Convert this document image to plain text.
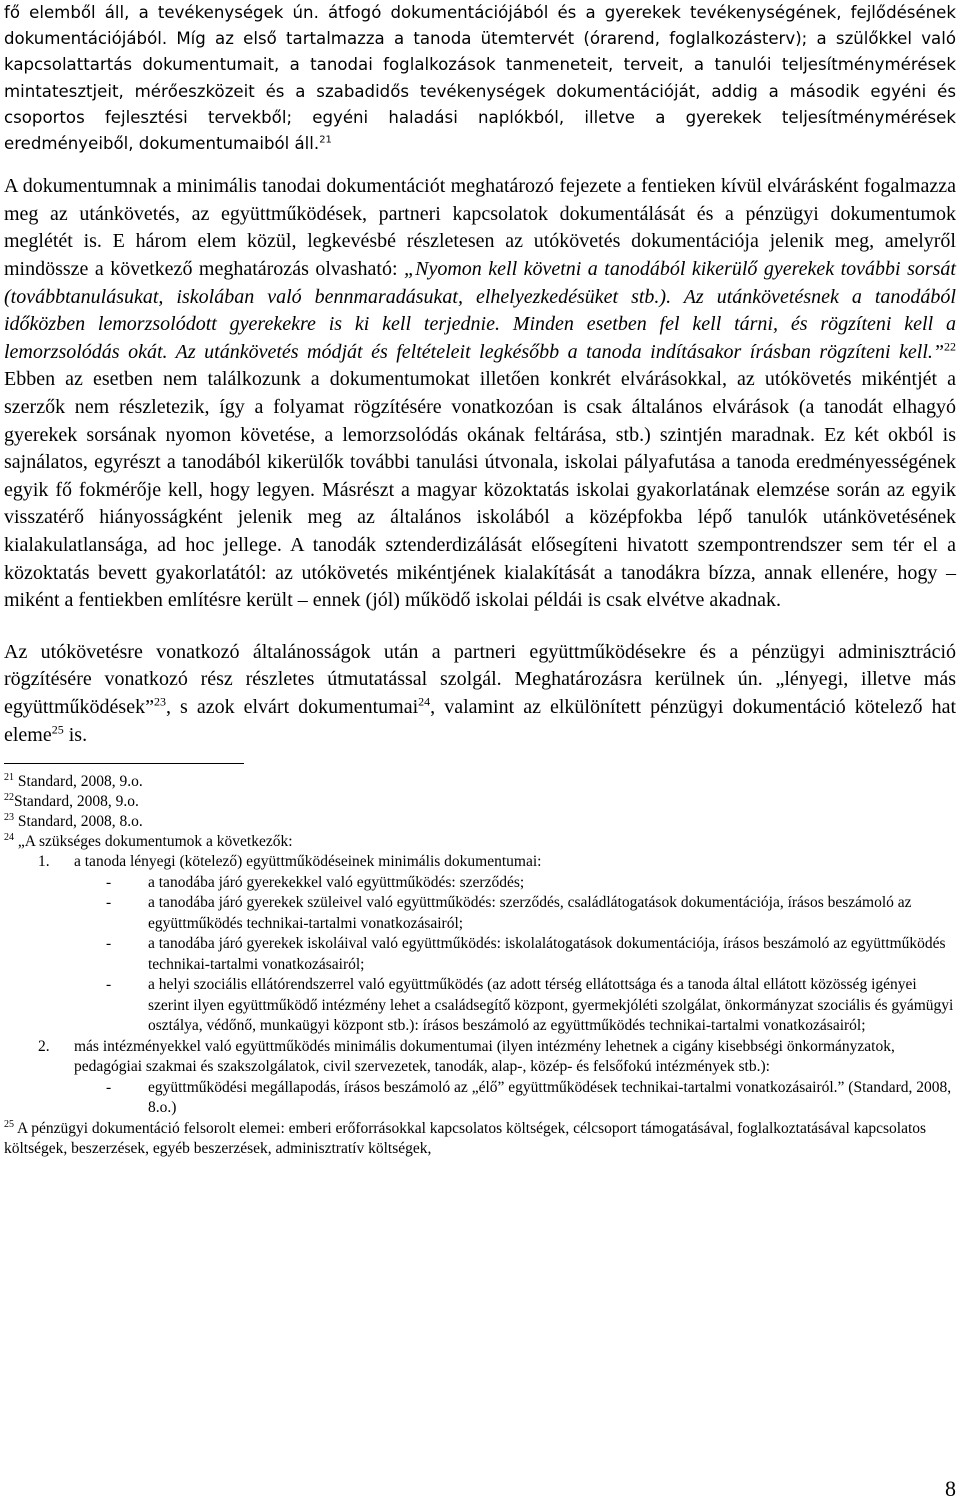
fő elemből áll, a tevékenységek ún. átfogó dokumentációjából és a gyerekek tevékenységének, fejlődésének dokumentációjából. Míg az első tartalmazza a tanoda ütemtervét (órarend, foglalkozásterv); a szülőkkel való kapcsolattartás dokumentumait, a tanodai foglalkozások tanmeneteit, terveit, a tanulói teljesítménymérések mintatesztjeit, mérőeszközeit és a szabadidős tevékenységek dokumentációját, addig a második egyéni és csoportos fejlesztési tervekből; egyéni haladási naplókból, illetve a gyerekek teljesítménymérések eredményeiből, dokumentumaiból áll.$^{21}$

A dokumentumnak a minimális tanodai dokumentációt meghatározó fejezete a fentieken kívül elvárásként fogalmazza meg az utánkövetés, az együttműködések, partneri kapcsolatok dokumentálását és a pénzügyi dokumentumok meglétét is. E három elem közül, legkevésbé részletesen az utókövetés dokumentációja jelenik meg, amelyről mindössze a következő meghatározás olvasható: „Nyomon kell követni a tanodából kikerülő gyerekek további sorsát (továbbtanulásukat, iskolában való bennmaradásukat, elhelyezkedésüket stb.). Az utánkövetésnek a tanodából időközben lemorzsolódott gyerekekre is ki kell terjednie. Minden esetben fel kell tárni, és rögzíteni kell a lemorzsolódás okát. Az utánkövetés módját és feltételeit legkésőbb a tanoda indításakor írásban rögzíteni kell.”$^{22}$ Ebben az esetben nem találkozunk a dokumentumokat illetően konkrét elvárásokkal, az utókövetés mikéntjét a szerzők nem részletezik, így a folyamat rögzítésére vonatkozóan is csak általános elvárások (a tanodát elhagyó gyerekek sorsának nyomon követése, a lemorzsolódás okának feltárása, stb.) szintjén maradnak. Ez két okból is sajnálatos, egyrészt a tanodából kikerülők további tanulási útvonala, iskolai pályafutása a tanoda eredményességének egyik fő fokmérője kell, hogy legyen. Másrészt a magyar közoktatás iskolai gyakorlatának elemzése során az egyik visszatérő hiányosságként jelenik meg az általános iskolából a középfokba lépő tanulók utánkövetésének kialakulatlansága, ad hoc jellege. A tanodák sztenderdizálását elősegíteni hivatott szempontrendszer sem tér el a közoktatás bevett gyakorlatától: az utókövetés mikéntjének kialakítását a tanodákra bízza, annak ellenére, hogy – miként a fentiekben említésre került – ennek (jól) működő iskolai példái is csak elvétve akadnak.

Az utókövetésre vonatkozó általánosságok után a partneri együttműködésekre és a pénzügyi adminisztráció rögzítésére vonatkozó rész részletes útmutatással szolgál. Meghatározásra kerülnek ún. „lényegi, illetve más együttműködések”$^{23}$, s azok elvárt dokumentumai$^{24}$, valamint az elkülönített pénzügyi dokumentáció kötelező hat eleme$^{25}$ is.

$^{21}$ Standard, 2008, 9.o.

$^{22}$Standard, 2008, 9.o.

$^{23}$ Standard, 2008, 8.o.

$^{24}$ „A szükséges dokumentumok a következők:

1. a tanoda lényegi (kötelező) együttműködéseinek minimális dokumentumai:
- a tanodába járó gyerekekkel való együttműködés: szerződés;
- a tanodába járó gyerekek szüleivel való együttműködés: szerződés, családlátogatások dokumentációja, írásos beszámoló az együttműködés technikai-tartalmi vonatkozásairól;
- a tanodába járó gyerekek iskoláival való együttműködés: iskolalátogatások dokumentációja, írásos beszámoló az együttműködés technikai-tartalmi vonatkozásairól;
- a helyi szociális ellátórendszerrel való együttműködés (az adott térség ellátottsága és a tanoda által ellátott közösség igényei szerint ilyen együttműködő intézmény lehet a családsegítő központ, gyermekjóléti szolgálat, önkormányzat szociális és gyámügyi osztálya, védőnő, munkaügyi központ stb.): írásos beszámoló az együttműködés technikai-tartalmi vonatkozásairól;
2. más intézményekkel való együttműködés minimális dokumentumai (ilyen intézmény lehetnek a cigány kisebbségi önkormányzatok, pedagógiai szakmai és szakszolgálatok, civil szervezetek, tanodák, alap-, közép- és felsőfokú intézmények stb.):
- együttműködési megállapodás, írásos beszámoló az „élő” együttműködések technikai-tartalmi vonatkozásairól.” (Standard, 2008, 8.o.)

$^{25}$ A pénzügyi dokumentáció felsorolt elemei: emberi erőforrásokkal kapcsolatos költségek, célcsoport támogatásával, foglalkoztatásával kapcsolatos költségek, beszerzések, egyéb beszerzések, adminisztratív költségek,

8
